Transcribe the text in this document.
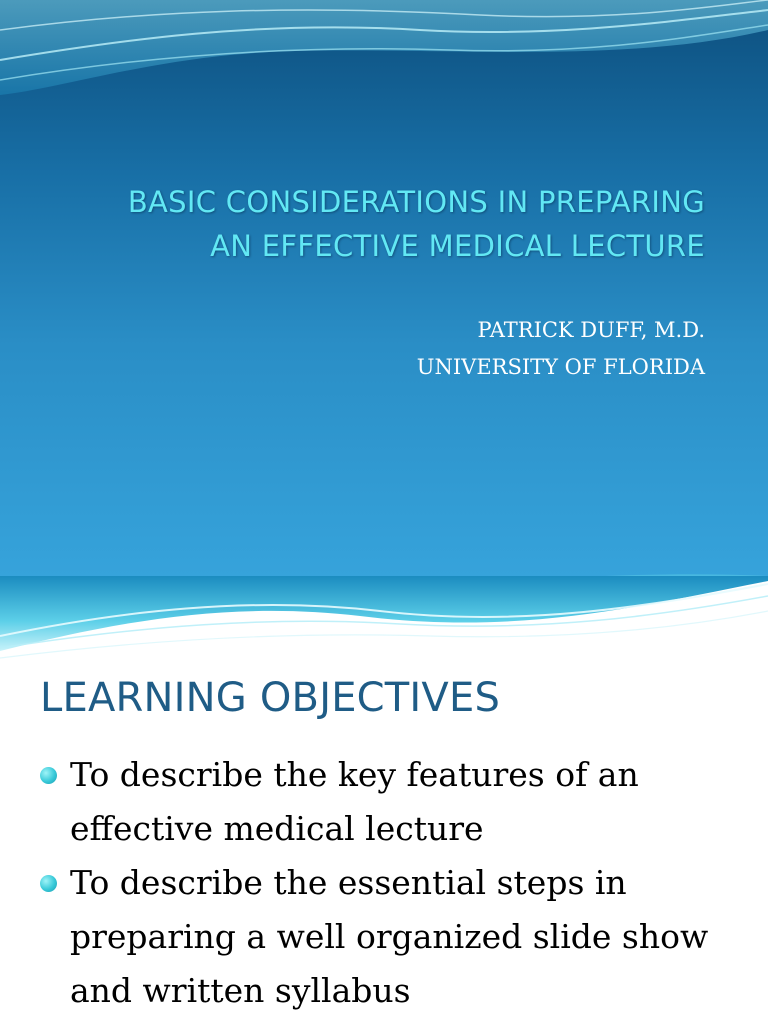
BASIC CONSIDERATIONS IN PREPARING
AN EFFECTIVE MEDICAL LECTURE
PATRICK DUFF, M.D.
UNIVERSITY OF FLORIDA
LEARNING OBJECTIVES
To describe the key features of an effective medical lecture
To describe the essential steps in preparing a well organized slide show and written syllabus
